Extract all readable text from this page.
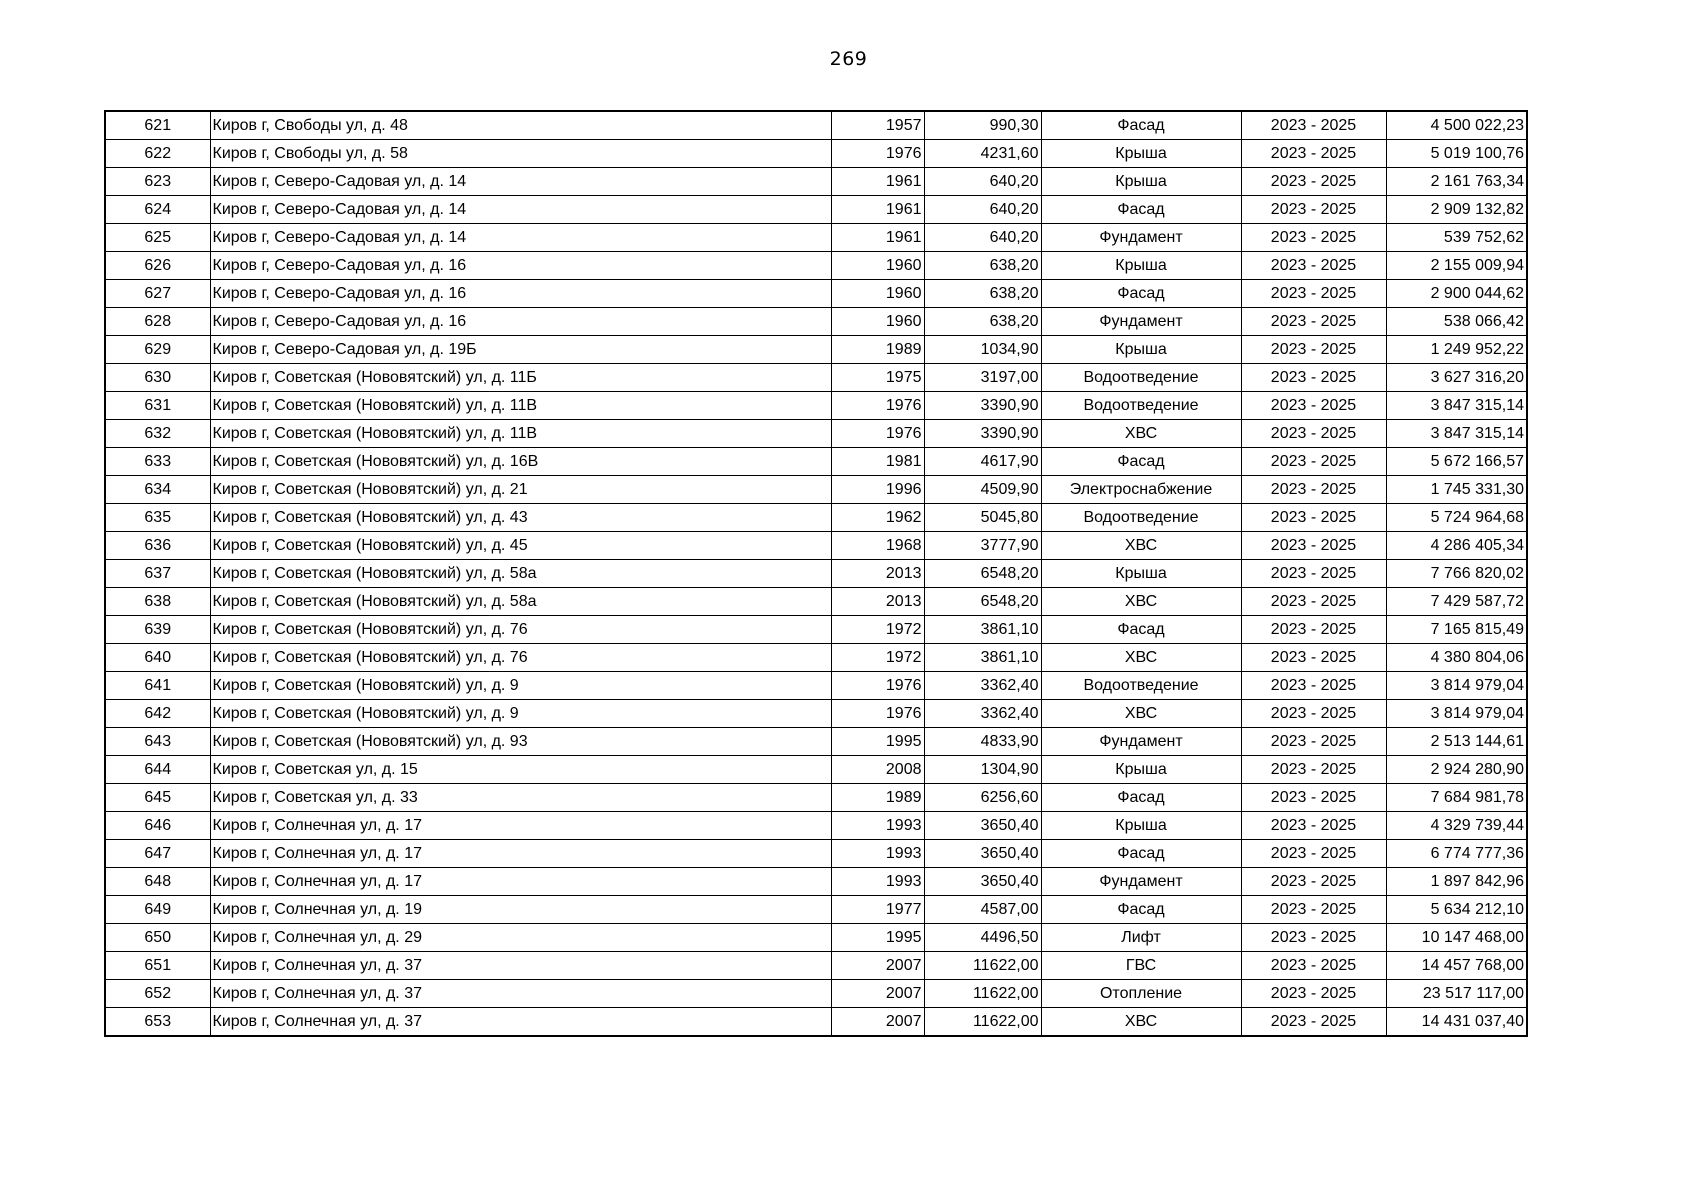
269
621	Киров г, Свободы ул, д. 48	1957	990,30	Фасад	2023 - 2025	4 500 022,23
622	Киров г, Свободы ул, д. 58	1976	4231,60	Крыша	2023 - 2025	5 019 100,76
623	Киров г, Северо-Садовая ул, д. 14	1961	640,20	Крыша	2023 - 2025	2 161 763,34
624	Киров г, Северо-Садовая ул, д. 14	1961	640,20	Фасад	2023 - 2025	2 909 132,82
625	Киров г, Северо-Садовая ул, д. 14	1961	640,20	Фундамент	2023 - 2025	539 752,62
626	Киров г, Северо-Садовая ул, д. 16	1960	638,20	Крыша	2023 - 2025	2 155 009,94
627	Киров г, Северо-Садовая ул, д. 16	1960	638,20	Фасад	2023 - 2025	2 900 044,62
628	Киров г, Северо-Садовая ул, д. 16	1960	638,20	Фундамент	2023 - 2025	538 066,42
629	Киров г, Северо-Садовая ул, д. 19Б	1989	1034,90	Крыша	2023 - 2025	1 249 952,22
630	Киров г, Советская (Нововятский) ул, д. 11Б	1975	3197,00	Водоотведение	2023 - 2025	3 627 316,20
631	Киров г, Советская (Нововятский) ул, д. 11В	1976	3390,90	Водоотведение	2023 - 2025	3 847 315,14
632	Киров г, Советская (Нововятский) ул, д. 11В	1976	3390,90	ХВС	2023 - 2025	3 847 315,14
633	Киров г, Советская (Нововятский) ул, д. 16В	1981	4617,90	Фасад	2023 - 2025	5 672 166,57
634	Киров г, Советская (Нововятский) ул, д. 21	1996	4509,90	Электроснабжение	2023 - 2025	1 745 331,30
635	Киров г, Советская (Нововятский) ул, д. 43	1962	5045,80	Водоотведение	2023 - 2025	5 724 964,68
636	Киров г, Советская (Нововятский) ул, д. 45	1968	3777,90	ХВС	2023 - 2025	4 286 405,34
637	Киров г, Советская (Нововятский) ул, д. 58а	2013	6548,20	Крыша	2023 - 2025	7 766 820,02
638	Киров г, Советская (Нововятский) ул, д. 58а	2013	6548,20	ХВС	2023 - 2025	7 429 587,72
639	Киров г, Советская (Нововятский) ул, д. 76	1972	3861,10	Фасад	2023 - 2025	7 165 815,49
640	Киров г, Советская (Нововятский) ул, д. 76	1972	3861,10	ХВС	2023 - 2025	4 380 804,06
641	Киров г, Советская (Нововятский) ул, д. 9	1976	3362,40	Водоотведение	2023 - 2025	3 814 979,04
642	Киров г, Советская (Нововятский) ул, д. 9	1976	3362,40	ХВС	2023 - 2025	3 814 979,04
643	Киров г, Советская (Нововятский) ул, д. 93	1995	4833,90	Фундамент	2023 - 2025	2 513 144,61
644	Киров г, Советская ул, д. 15	2008	1304,90	Крыша	2023 - 2025	2 924 280,90
645	Киров г, Советская ул, д. 33	1989	6256,60	Фасад	2023 - 2025	7 684 981,78
646	Киров г, Солнечная ул, д. 17	1993	3650,40	Крыша	2023 - 2025	4 329 739,44
647	Киров г, Солнечная ул, д. 17	1993	3650,40	Фасад	2023 - 2025	6 774 777,36
648	Киров г, Солнечная ул, д. 17	1993	3650,40	Фундамент	2023 - 2025	1 897 842,96
649	Киров г, Солнечная ул, д. 19	1977	4587,00	Фасад	2023 - 2025	5 634 212,10
650	Киров г, Солнечная ул, д. 29	1995	4496,50	Лифт	2023 - 2025	10 147 468,00
651	Киров г, Солнечная ул, д. 37	2007	11622,00	ГВС	2023 - 2025	14 457 768,00
652	Киров г, Солнечная ул, д. 37	2007	11622,00	Отопление	2023 - 2025	23 517 117,00
653	Киров г, Солнечная ул, д. 37	2007	11622,00	ХВС	2023 - 2025	14 431 037,40
